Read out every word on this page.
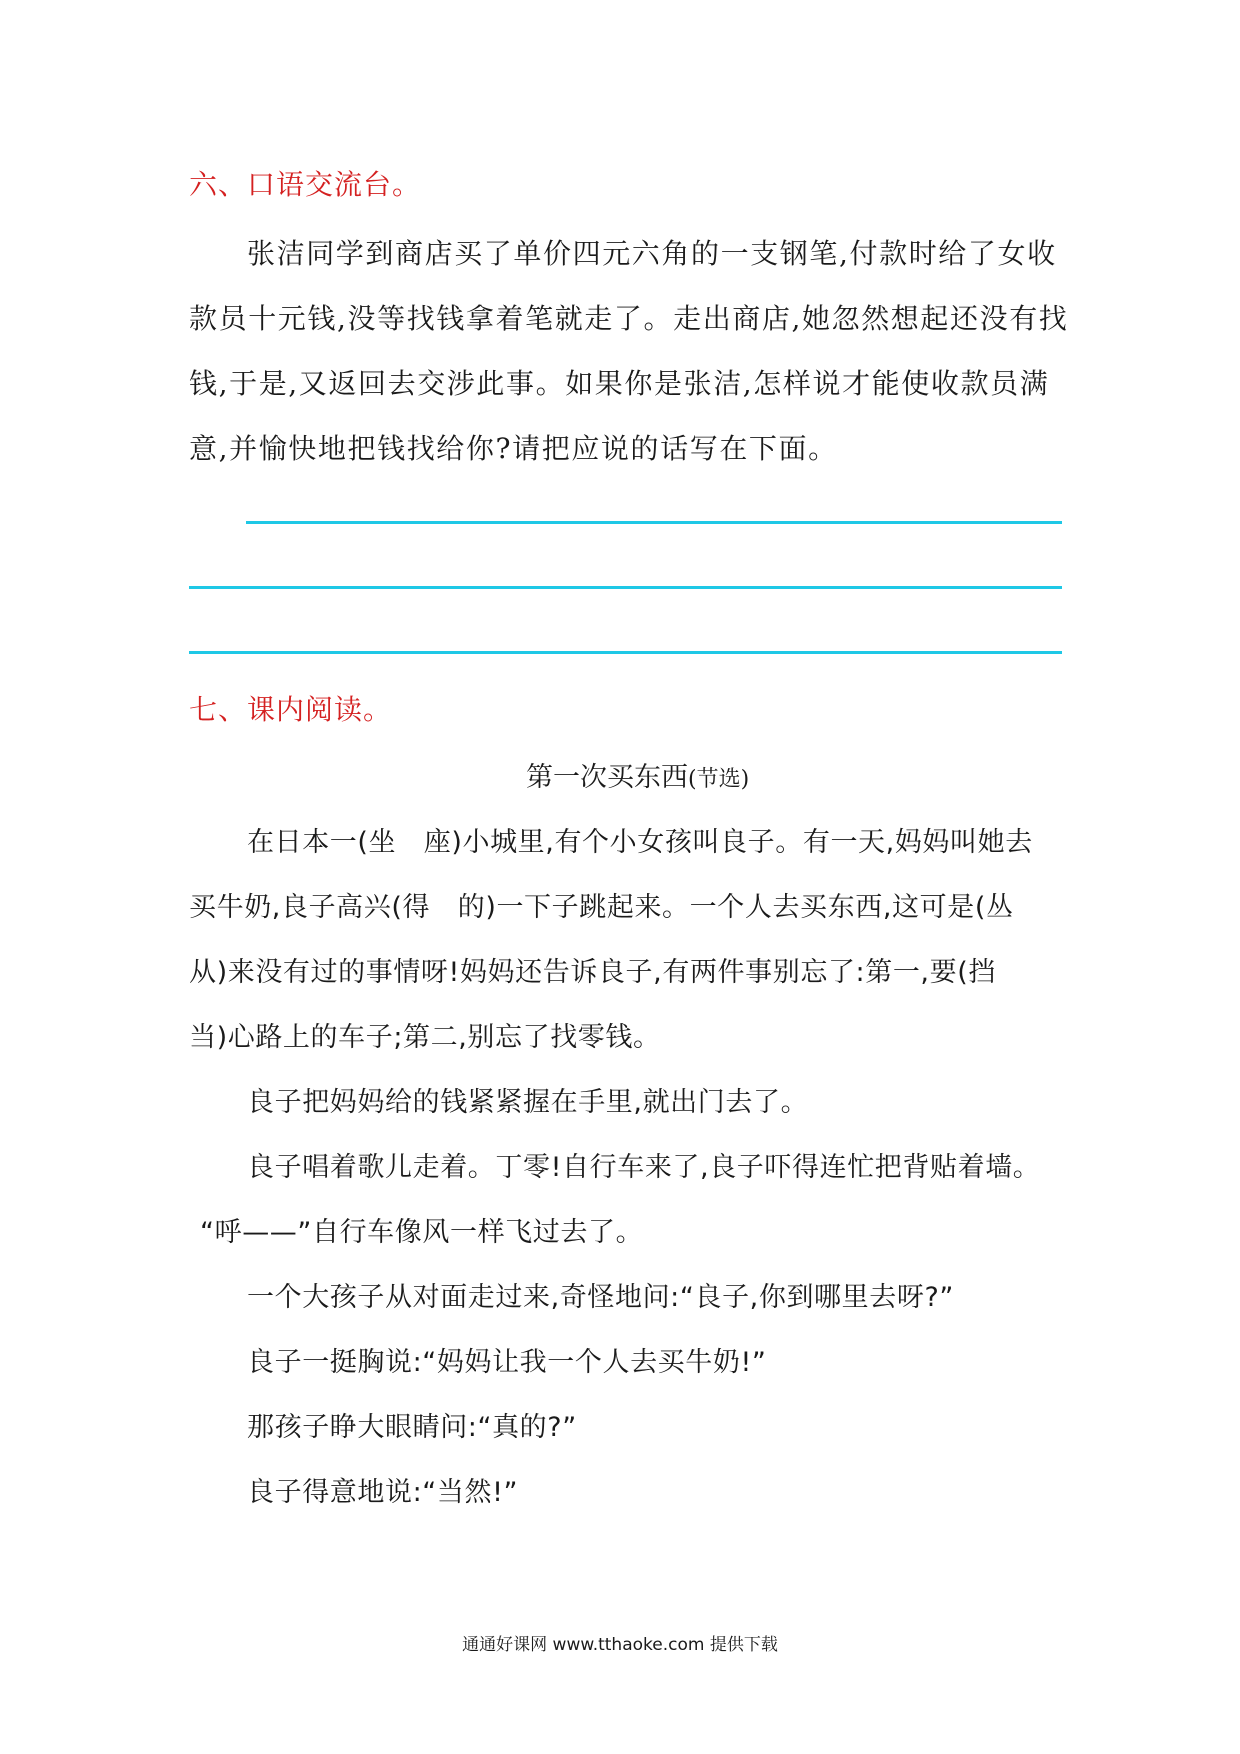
六、口语交流台。
张洁同学到商店买了单价四元六角的一支钢笔,付款时给了女收
款员十元钱,没等找钱拿着笔就走了。走出商店,她忽然想起还没有找
钱,于是,又返回去交涉此事。如果你是张洁,怎样说才能使收款员满
意,并愉快地把钱找给你?请把应说的话写在下面。
七、课内阅读。
第一次买东西(节选)
在日本一(坐　座)小城里,有个小女孩叫良子。有一天,妈妈叫她去
买牛奶,良子高兴(得　的)一下子跳起来。一个人去买东西,这可是(丛
从)来没有过的事情呀!妈妈还告诉良子,有两件事别忘了:第一,要(挡
当)心路上的车子;第二,别忘了找零钱。
良子把妈妈给的钱紧紧握在手里,就出门去了。
良子唱着歌儿走着。丁零!自行车来了,良子吓得连忙把背贴着墙。
“呼——”自行车像风一样飞过去了。
一个大孩子从对面走过来,奇怪地问:“良子,你到哪里去呀?”
良子一挺胸说:“妈妈让我一个人去买牛奶!”
那孩子睁大眼睛问:“真的?”
良子得意地说:“当然!”
通通好课网 www.tthaoke.com 提供下载
